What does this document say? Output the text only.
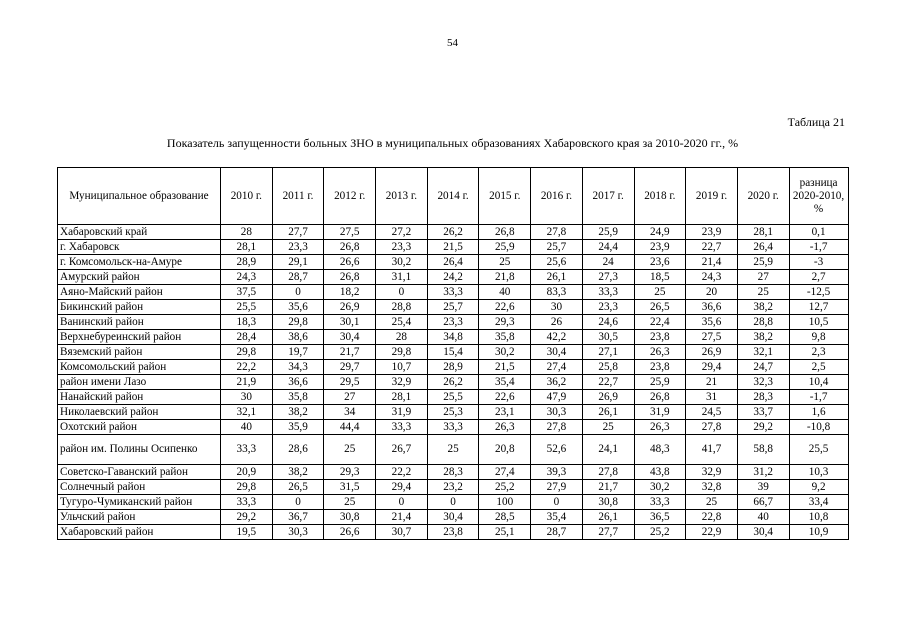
54
Таблица 21
Показатель запущенности больных ЗНО в муниципальных образованиях Хабаровского края за 2010-2020 гг., %
Муниципальное образование	2010 г.	2011 г.	2012 г.	2013 г.	2014 г.	2015 г.	2016 г.	2017 г.	2018 г.	2019 г.	2020 г.	разница 2020-2010, %
Хабаровский край	28	27,7	27,5	27,2	26,2	26,8	27,8	25,9	24,9	23,9	28,1	0,1
г. Хабаровск	28,1	23,3	26,8	23,3	21,5	25,9	25,7	24,4	23,9	22,7	26,4	-1,7
г. Комсомольск-на-Амуре	28,9	29,1	26,6	30,2	26,4	25	25,6	24	23,6	21,4	25,9	-3
Амурский район	24,3	28,7	26,8	31,1	24,2	21,8	26,1	27,3	18,5	24,3	27	2,7
Аяно-Майский район	37,5	0	18,2	0	33,3	40	83,3	33,3	25	20	25	-12,5
Бикинский район	25,5	35,6	26,9	28,8	25,7	22,6	30	23,3	26,5	36,6	38,2	12,7
Ванинский район	18,3	29,8	30,1	25,4	23,3	29,3	26	24,6	22,4	35,6	28,8	10,5
Верхнебуреинский район	28,4	38,6	30,4	28	34,8	35,8	42,2	30,5	23,8	27,5	38,2	9,8
Вяземский район	29,8	19,7	21,7	29,8	15,4	30,2	30,4	27,1	26,3	26,9	32,1	2,3
Комсомольский район	22,2	34,3	29,7	10,7	28,9	21,5	27,4	25,8	23,8	29,4	24,7	2,5
район имени Лазо	21,9	36,6	29,5	32,9	26,2	35,4	36,2	22,7	25,9	21	32,3	10,4
Нанайский район	30	35,8	27	28,1	25,5	22,6	47,9	26,9	26,8	31	28,3	-1,7
Николаевский район	32,1	38,2	34	31,9	25,3	23,1	30,3	26,1	31,9	24,5	33,7	1,6
Охотский район	40	35,9	44,4	33,3	33,3	26,3	27,8	25	26,3	27,8	29,2	-10,8
район им. Полины Осипенко	33,3	28,6	25	26,7	25	20,8	52,6	24,1	48,3	41,7	58,8	25,5
Советско-Гаванский район	20,9	38,2	29,3	22,2	28,3	27,4	39,3	27,8	43,8	32,9	31,2	10,3
Солнечный район	29,8	26,5	31,5	29,4	23,2	25,2	27,9	21,7	30,2	32,8	39	9,2
Тугуро-Чумиканский район	33,3	0	25	0	0	100	0	30,8	33,3	25	66,7	33,4
Ульчский район	29,2	36,7	30,8	21,4	30,4	28,5	35,4	26,1	36,5	22,8	40	10,8
Хабаровский район	19,5	30,3	26,6	30,7	23,8	25,1	28,7	27,7	25,2	22,9	30,4	10,9
